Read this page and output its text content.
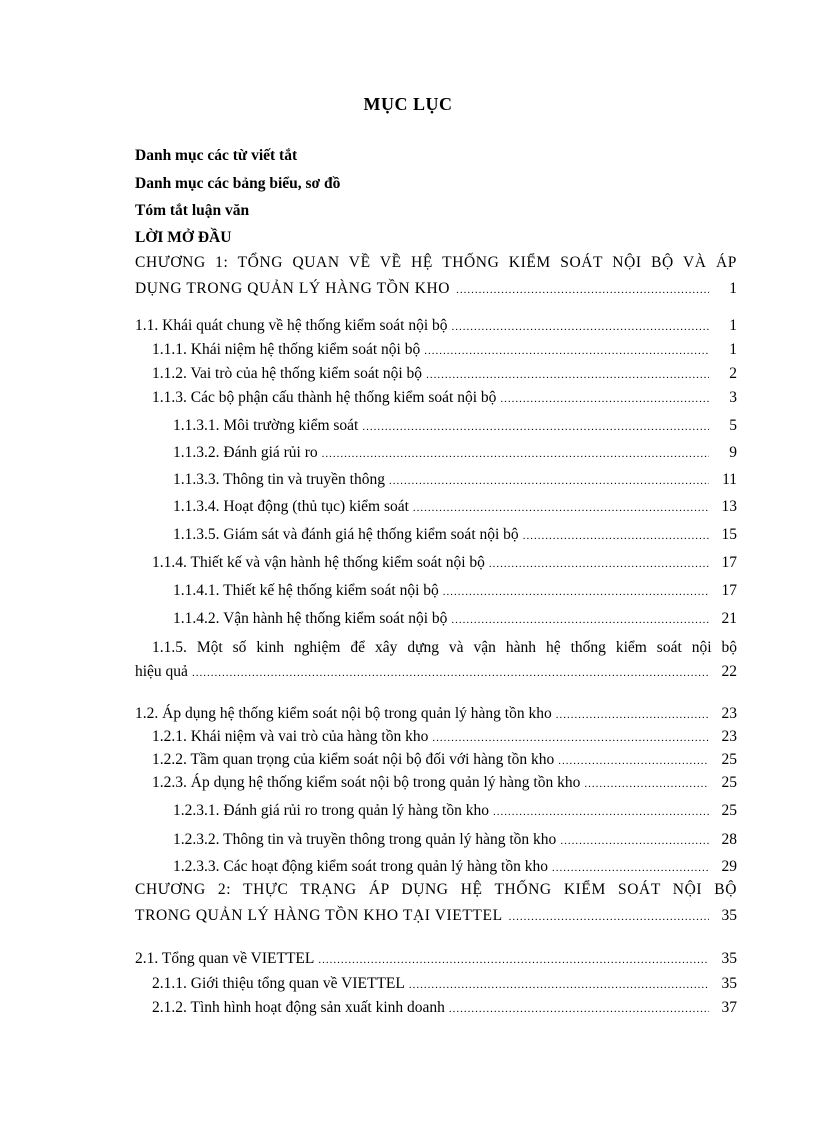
MỤC LỤC
Danh mục các từ viết tắt
Danh mục các bảng biểu, sơ đồ
Tóm tắt luận văn
LỜI MỞ ĐẦU
CHƯƠNG 1: TỔNG QUAN VỀ VỀ HỆ THỐNG KIỂM SOÁT NỘI BỘ VÀ ÁP
DỤNG TRONG QUẢN LÝ HÀNG TỒN KHO .....	1
1.1. Khái quát chung về hệ thống kiểm soát nội bộ .....	1
1.1.1. Khái niệm hệ thống kiểm soát nội bộ .....	1
1.1.2. Vai trò của hệ thống kiểm soát nội bộ .....	2
1.1.3. Các bộ phận cấu thành hệ thống kiểm soát nội bộ .....	3
1.1.3.1. Môi trường kiểm soát .....	5
1.1.3.2. Đánh giá rủi ro .....	9
1.1.3.3. Thông tin và truyền thông .....	11
1.1.3.4. Hoạt động (thủ tục) kiểm soát .....	13
1.1.3.5. Giám sát và đánh giá hệ thống kiểm soát nội bộ .....	15
1.1.4. Thiết kế và vận hành hệ thống kiểm soát nội bộ .....	17
1.1.4.1. Thiết kế hệ thống kiểm soát nội bộ .....	17
1.1.4.2. Vận hành hệ thống kiểm soát nội bộ .....	21
1.1.5. Một số kinh nghiệm để xây dựng và vận hành hệ thống kiểm soát nội bộ
hiệu quả .....	22
1.2. Áp dụng hệ thống kiểm soát nội bộ trong quản lý hàng tồn kho .....	23
1.2.1. Khái niệm và vai trò của hàng tồn kho .....	23
1.2.2. Tầm quan trọng của kiểm soát nội bộ đối với hàng tồn kho .....	25
1.2.3. Áp dụng hệ thống kiểm soát nội bộ trong quản lý hàng tồn kho .....	25
1.2.3.1. Đánh giá rủi ro trong quản lý hàng tồn kho .....	25
1.2.3.2. Thông tin và truyền thông trong quản lý hàng tồn kho .....	28
1.2.3.3. Các hoạt động kiểm soát trong quản lý hàng tồn kho .....	29
CHƯƠNG 2: THỰC TRẠNG ÁP DỤNG HỆ THỐNG KIỂM SOÁT NỘI BỘ
TRONG QUẢN LÝ HÀNG TỒN KHO TẠI VIETTEL .....	35
2.1. Tổng quan về VIETTEL .....	35
2.1.1. Giới thiệu tổng quan về VIETTEL .....	35
2.1.2. Tình hình hoạt động sản xuất kinh doanh .....	37
